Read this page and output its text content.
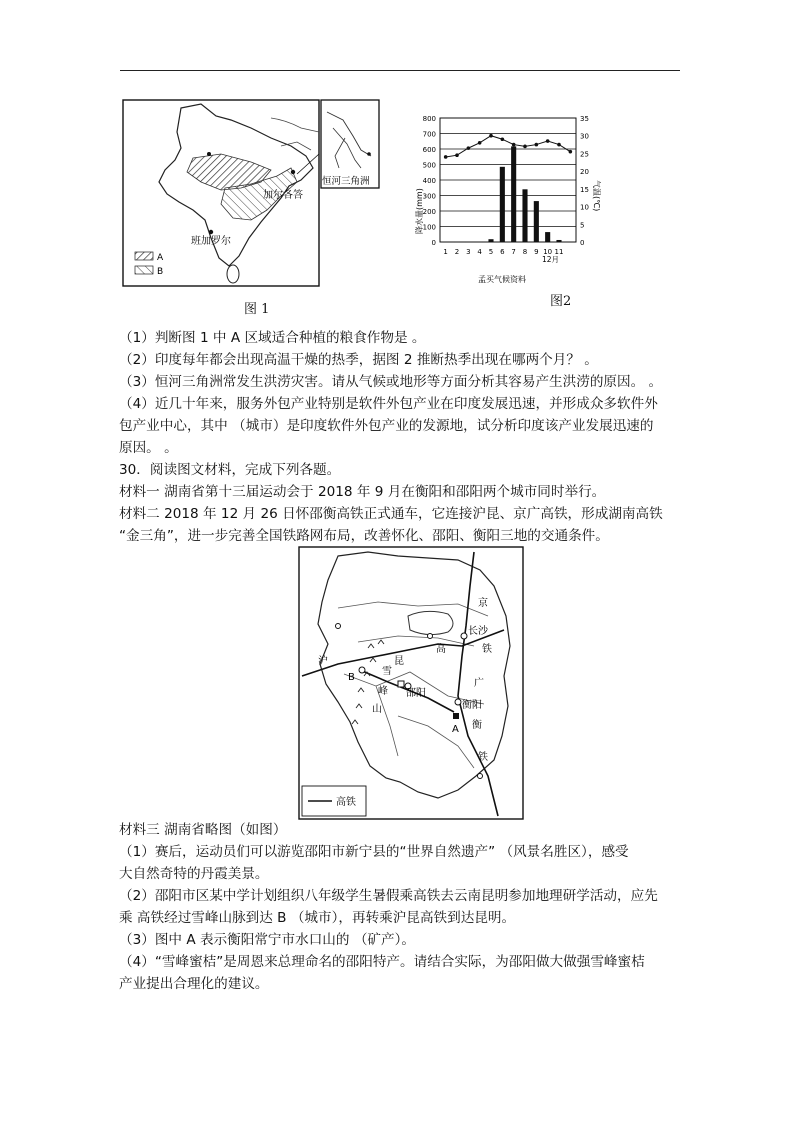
加尔各答
班加罗尔
A
B
恒河三角洲
图 1
降水量(mm)	气温(℃)
0
100
200
300
400
500
600
700
800
0
5
10
15
20
25
30
35
1 2 3 4 5 6 7 8 9 10 11
12月
孟买气候资料
图2
（1）判断图 1 中 A 区域适合种植的粮食作物是 。
（2）印度每年都会出现高温干燥的热季，据图 2 推断热季出现在哪两个月？ 。
（3）恒河三角洲常发生洪涝灾害。请从气候或地形等方面分析其容易产生洪涝的原因。 。
（4）近几十年来，服务外包产业特别是软件外包产业在印度发展迅速，并形成众多软件外
包产业中心，其中 （城市）是印度软件外包产业的发源地，试分析印度该产业发展迅速的
原因。 。
30．阅读图文材料，完成下列各题。
材料一 湖南省第十三届运动会于 2018 年 9 月在衡阳和邵阳两个城市同时举行。
材料二 2018 年 12 月 26 日怀邵衡高铁正式通车，它连接沪昆、京广高铁，形成湖南高铁
“金三角”，进一步完善全国铁路网布局，改善怀化、邵阳、衡阳三地的交通条件。
京
长沙
铁
高
广
沪	昆
雪
峰
山
邵阳
衡阳
衡
A
B
铁
高铁
材料三 湖南省略图（如图）
（1）赛后，运动员们可以游览邵阳市新宁县的“世界自然遗产” （风景名胜区），感受
大自然奇特的丹霞美景。
（2）邵阳市区某中学计划组织八年级学生暑假乘高铁去云南昆明参加地理研学活动，应先
乘 高铁经过雪峰山脉到达 B （城市），再转乘沪昆高铁到达昆明。
（3）图中 A 表示衡阳常宁市水口山的 （矿产）。
（4）“雪峰蜜桔”是周恩来总理命名的邵阳特产。请结合实际，为邵阳做大做强雪峰蜜桔
产业提出合理化的建议。
